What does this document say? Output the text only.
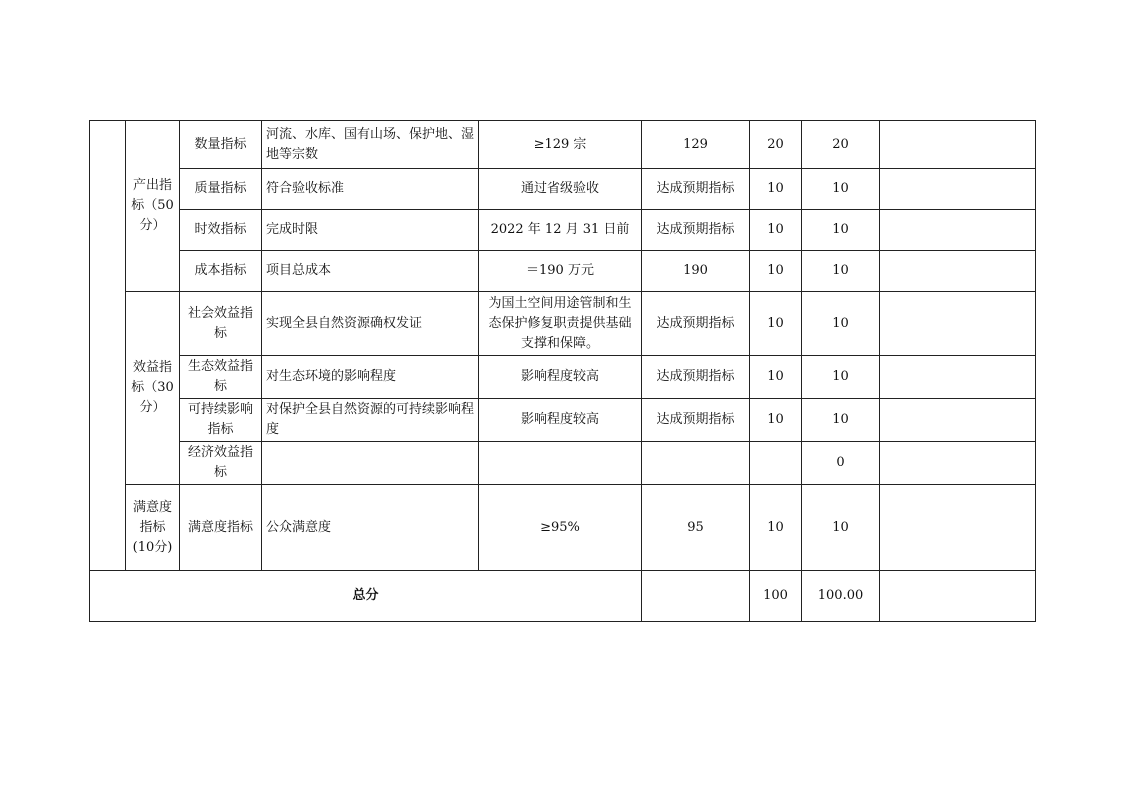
	产出指标（50分）	数量指标	河流、水库、国有山场、保护地、湿地等宗数	≥129 宗	129	20	20	
		质量指标	符合验收标准	通过省级验收	达成预期指标	10	10	
		时效指标	完成时限	2022 年 12 月 31 日前	达成预期指标	10	10	
		成本指标	项目总成本	＝190 万元	190	10	10	

	效益指标（30分）	社会效益指标	实现全县自然资源确权发证	为国土空间用途管制和生态保护修复职责提供基础支撑和保障。	达成预期指标	10	10	
		生态效益指标	对生态环境的影响程度	影响程度较高	达成预期指标	10	10	
		可持续影响指标	对保护全县自然资源的可持续影响程度	影响程度较高	达成预期指标	10	10	
		经济效益指标					0	

	满意度指标(10分)	满意度指标	公众满意度	≥95%	95	10	10	
总分						100	100.00	
